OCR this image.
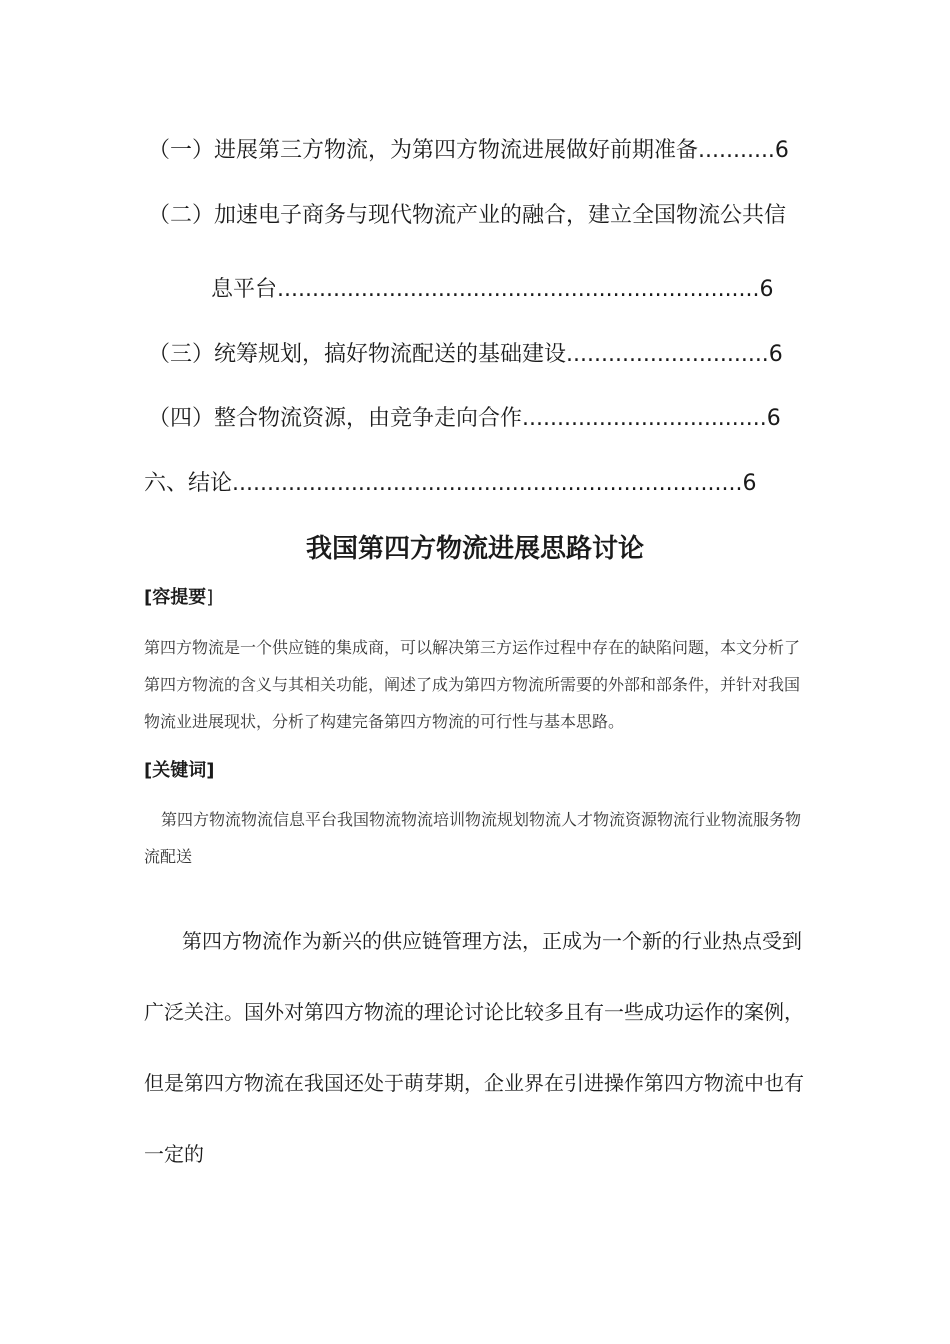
（一）进展第三方物流，为第四方物流进展做好前期准备...........6
（二）加速电子商务与现代物流产业的融合，建立全国物流公共信
息平台.....................................................................6
（三）统筹规划，搞好物流配送的基础建设.............................6
（四）整合物流资源，由竞争走向合作...................................6
六、结论.........................................................................6
我国第四方物流进展思路讨论
[容提要]
第四方物流是一个供应链的集成商，可以解决第三方运作过程中存在的缺陷问题，本文分析了第四方物流的含义与其相关功能，阐述了成为第四方物流所需要的外部和部条件，并针对我国物流业进展现状，分析了构建完备第四方物流的可行性与基本思路。
[关键词]
第四方物流物流信息平台我国物流物流培训物流规划物流人才物流资源物流行业物流服务物流配送
第四方物流作为新兴的供应链管理方法，正成为一个新的行业热点受到广泛关注。国外对第四方物流的理论讨论比较多且有一些成功运作的案例，但是第四方物流在我国还处于萌芽期，企业界在引进操作第四方物流中也有一定的
